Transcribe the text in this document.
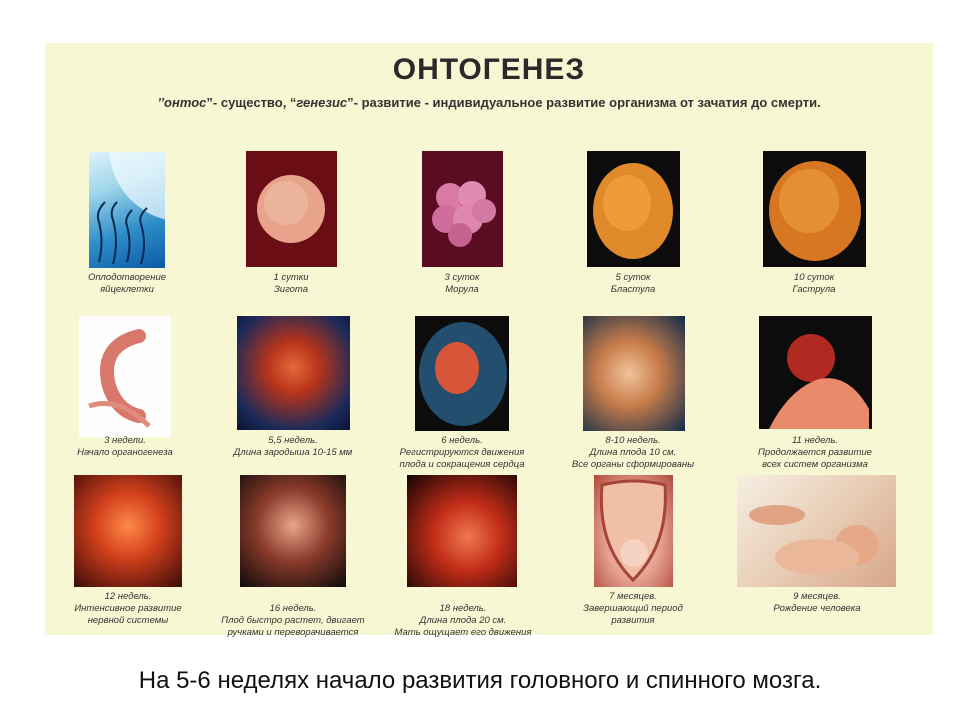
ОНТОГЕНЕЗ
’’онтос”- существо, “генезис”- развитие - индивидуальное развитие организма от зачатия до смерти.
Оплодотворение
яйцеклетки
1 сутки
Зигота
3 суток
Морула
5 суток
Бластула
10 суток
Гаструла
3 недели.
Начало органогенеза
5,5 недель.
Длина зародыша 10-15 мм
6 недель.
Регистрируются движения
плода и сокращения сердца
8-10 недель.
Длина плода 10 см.
Все органы сформированы
11 недель.
Продолжается развитие
всех систем организма
12 недель.
Интенсивное развитие
нервной системы
16 недель.
Плод быстро растет, двигает
ручками и переворачивается
18 недель.
Длина плода 20 см.
Мать ощущает его движения
7 месяцев.
Завершающий период
развития
9 месяцев.
Рождение человека
На 5-6 неделях начало развития головного и спинного мозга.
